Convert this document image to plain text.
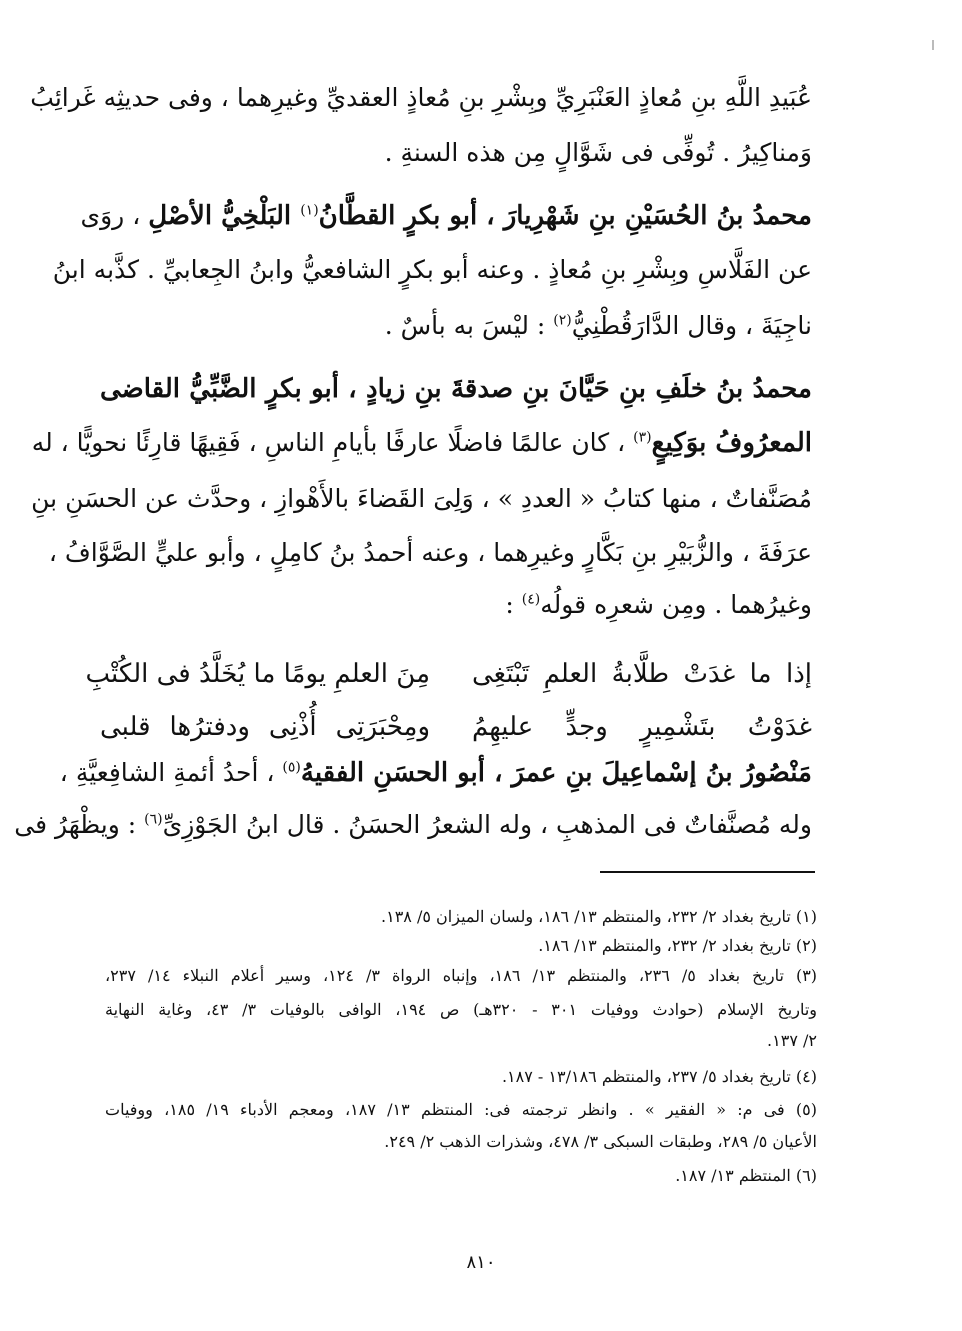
عُبَيدِ اللَّهِ بنِ مُعاذٍ العَنْبَرِيِّ وبِشْرِ بنِ مُعاذٍ العقديِّ وغيرِهما ، وفى حديثِه غَرائِبُ
وَمناكِيرُ . تُوفِّى فى شَوَّالٍ مِن هذه السنةِ .
محمدُ بنُ الحُسَيْنِ بنِ شَهْرِيارَ ، أبو بكرٍ القطَّانُ$^{(١)}$ البَلْخِيُّ الأصْلِ ، روَى
عن الفَلَّاسِ وبِشْرِ بنِ مُعاذٍ . وعنه أبو بكرٍ الشافعيُّ وابنُ الجِعابيِّ . كذَّبه ابنُ
ناجِيَةَ ، وقال الدَّارَقُطْنِيُّ$^{(٢)}$ : ليْسَ به بأسٌ .
محمدُ بنُ خلَفِ بنِ حَيَّانَ بنِ صدقةَ بنِ زيادٍ ، أبو بكرٍ الضَّبِّيُّ القاضى
المعرُوفُ بوَكِيعٍ$^{(٣)}$ ، كان عالمًا فاضلًا عارفًا بأيامِ الناسِ ، فَقِيهًا قارِئًا نحويًّا ، له
مُصَنَّفاتٌ ، منها كتابُ « العددِ » ، وَلِىَ القَضاءَ بالأَهْوازِ ، وحدَّث عن الحسَنِ بنِ
عرَفَةَ ، والزُّبَيْرِ بنِ بَكَّارٍ وغيرِهما ، وعنه أحمدُ بنُ كامِلٍ ، وأبو عليٍّ الصَّوَّافُ ،
وغيرُهما . ومِن شعرِه قولُه$^{(٤)}$ :
إذا ما غدَتْ طلَّابةُ العلمِ تَبْتَغِى
مِنَ العلمِ يومًا ما يُخَلَّدُ فى الكُتْبِ
غدَوْتُ بتَشْمِيرٍ وجدٍّ عليهِمُ
ومِحْبَرَتِى أُذْنِى ودفترُها قلبى
مَنْصُورُ بنُ إسْماعِيلَ بنِ عمرَ ، أبو الحسَنِ الفقيهُ$^{(٥)}$ ، أحدُ أئمةِ الشافِعيَّةِ ،
وله مُصنَّفاتٌ فى المذهبِ ، وله الشعرُ الحسَنُ . قال ابنُ الجَوْزِىِّ$^{(٦)}$ : ويظْهَرُ فى
(١) تاريخ بغداد ٢/ ٢٣٢، والمنتظم ١٣/ ١٨٦، ولسان الميزان ٥/ ١٣٨.
(٢) تاريخ بغداد ٢/ ٢٣٢، والمنتظم ١٣/ ١٨٦.
(٣) تاريخ بغداد ٥/ ٢٣٦، والمنتظم ١٣/ ١٨٦، وإنباه الرواة ٣/ ١٢٤، وسير أعلام النبلاء ١٤/ ٢٣٧،
وتاريخ الإسلام (حوادث ووفيات ٣٠١ - ٣٢٠هـ) ص ١٩٤، الوافى بالوفيات ٣/ ٤٣، وغاية النهاية
٢/ ١٣٧.
(٤) تاريخ بغداد ٥/ ٢٣٧، والمنتظم ١٣/١٨٦ - ١٨٧.
(٥) فى م: « الفقير » . وانظر ترجمته فى: المنتظم ١٣/ ١٨٧، ومعجم الأدباء ١٩/ ١٨٥، ووفيات
الأعيان ٥/ ٢٨٩، وطبقات السبكى ٣/ ٤٧٨، وشذرات الذهب ٢/ ٢٤٩.
(٦) المنتظم ١٣/ ١٨٧.
٨١٠
